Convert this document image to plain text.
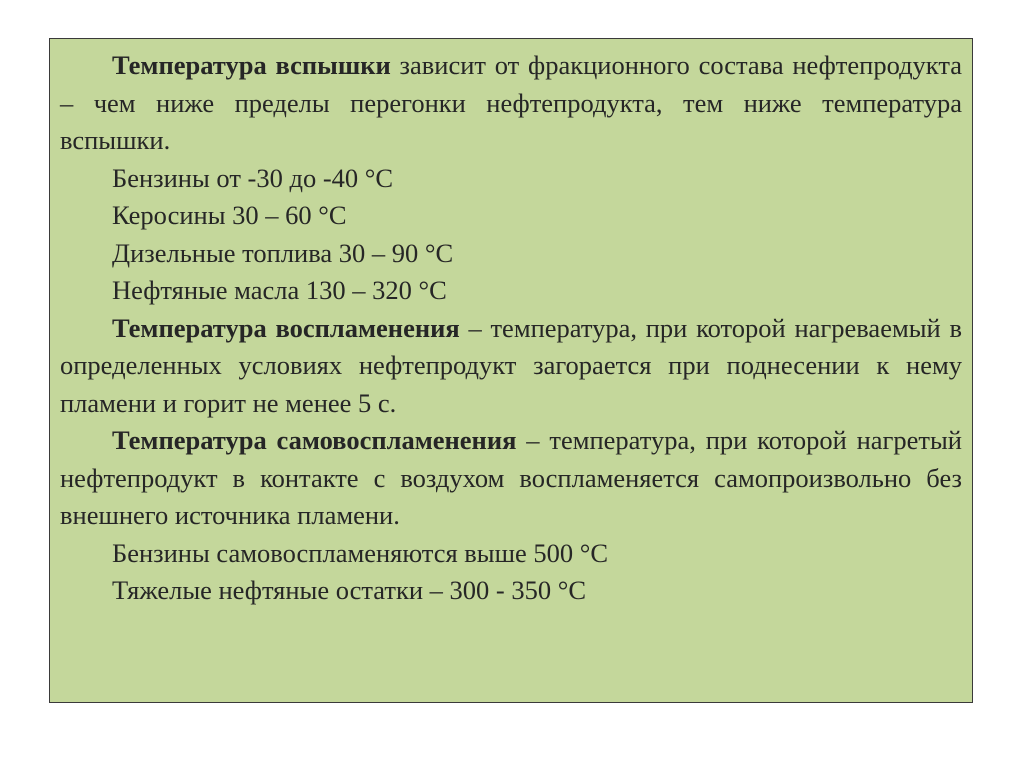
Температура вспышки зависит от фракционного состава нефтепродукта – чем ниже пределы перегонки нефтепродукта, тем ниже температура вспышки.

Бензины от -30 до -40 °С

Керосины 30 – 60 °С

Дизельные топлива 30 – 90 °С

Нефтяные масла 130 – 320 °С

Температура воспламенения – температура, при которой нагреваемый в определенных условиях нефтепродукт загорается при поднесении к нему пламени и горит не менее 5 с.

Температура самовоспламенения – температура, при которой нагретый нефтепродукт в контакте с воздухом воспламеняется самопроизвольно без внешнего источника пламени.

Бензины самовоспламеняются выше 500 °С

Тяжелые нефтяные остатки – 300 - 350 °С
